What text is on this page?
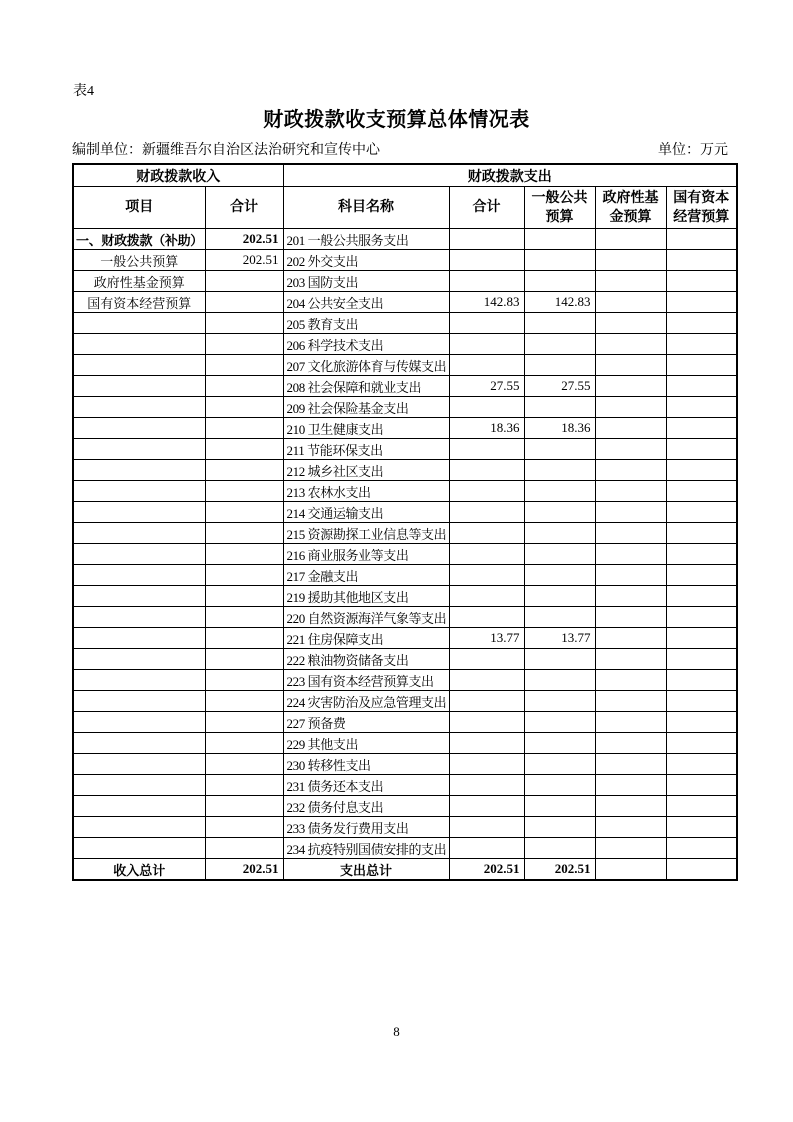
表4
财政拨款收支预算总体情况表
编制单位：新疆维吾尔自治区法治研究和宣传中心	单位：万元
财政拨款收入		财政拨款支出				
项目	合计	科目名称	合计	一般公共预算	政府性基金预算	国有资本经营预算
一、财政拨款（补助）	202.51	201 一般公共服务支出				
一般公共预算	202.51	202 外交支出				
政府性基金预算		203 国防支出				
国有资本经营预算		204 公共安全支出	142.83	142.83		
		205 教育支出				
		206 科学技术支出				
		207 文化旅游体育与传媒支出				
		208 社会保障和就业支出	27.55	27.55		
		209 社会保险基金支出				
		210 卫生健康支出	18.36	18.36		
		211 节能环保支出				
		212 城乡社区支出				
		213 农林水支出				
		214 交通运输支出				
		215 资源勘探工业信息等支出				
		216 商业服务业等支出				
		217 金融支出				
		219 援助其他地区支出				
		220 自然资源海洋气象等支出				
		221 住房保障支出	13.77	13.77		
		222 粮油物资储备支出				
		223 国有资本经营预算支出				
		224 灾害防治及应急管理支出				
		227 预备费				
		229 其他支出				
		230 转移性支出				
		231 债务还本支出				
		232 债务付息支出				
		233 债务发行费用支出				
		234 抗疫特别国债安排的支出				
收入总计	202.51	支出总计	202.51	202.51		
8
